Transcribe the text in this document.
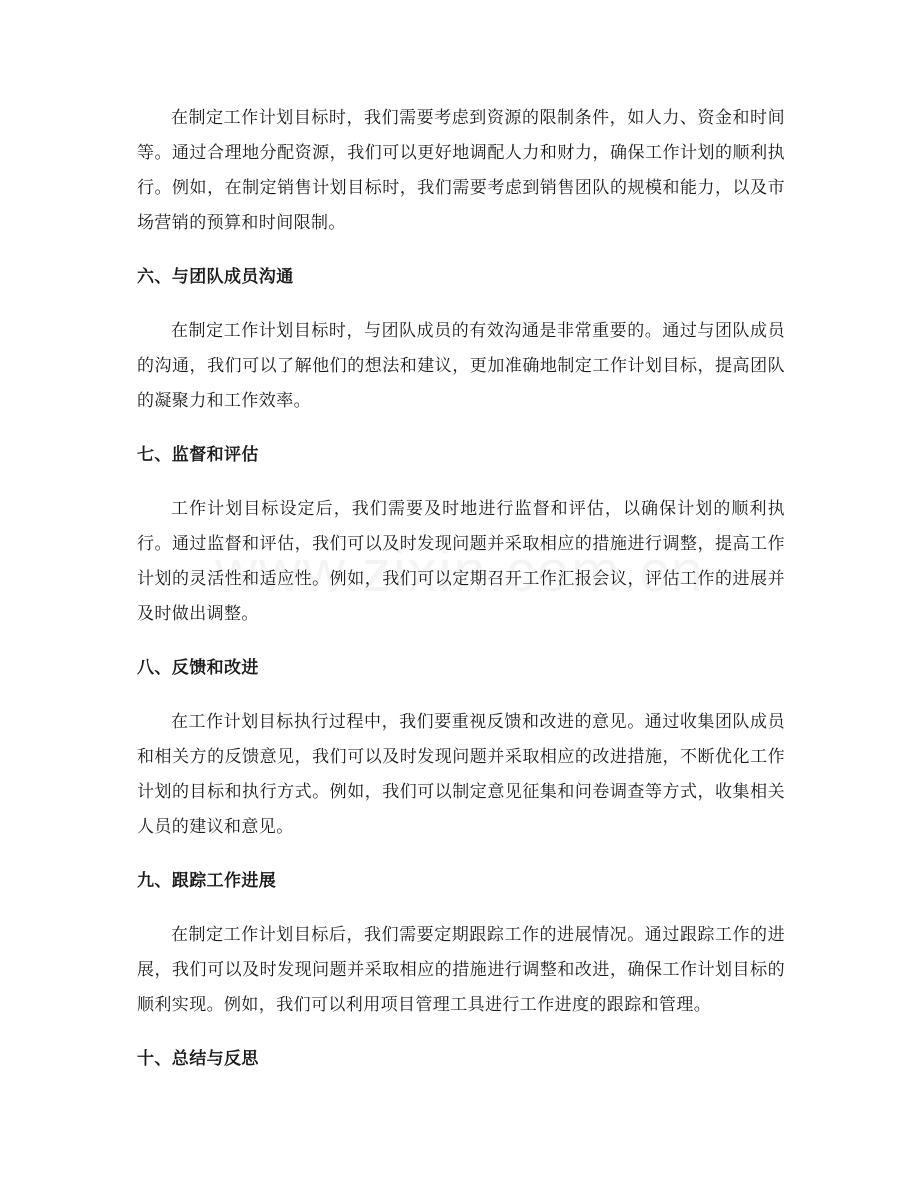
在制定工作计划目标时，我们需要考虑到资源的限制条件，如人力、资金和时间等。通过合理地分配资源，我们可以更好地调配人力和财力，确保工作计划的顺利执行。例如，在制定销售计划目标时，我们需要考虑到销售团队的规模和能力，以及市场营销的预算和时间限制。

六、与团队成员沟通

在制定工作计划目标时，与团队成员的有效沟通是非常重要的。通过与团队成员的沟通，我们可以了解他们的想法和建议，更加准确地制定工作计划目标，提高团队的凝聚力和工作效率。

七、监督和评估

工作计划目标设定后，我们需要及时地进行监督和评估，以确保计划的顺利执行。通过监督和评估，我们可以及时发现问题并采取相应的措施进行调整，提高工作计划的灵活性和适应性。例如，我们可以定期召开工作汇报会议，评估工作的进展并及时做出调整。

八、反馈和改进

在工作计划目标执行过程中，我们要重视反馈和改进的意见。通过收集团队成员和相关方的反馈意见，我们可以及时发现问题并采取相应的改进措施，不断优化工作计划的目标和执行方式。例如，我们可以制定意见征集和问卷调查等方式，收集相关人员的建议和意见。

九、跟踪工作进展

在制定工作计划目标后，我们需要定期跟踪工作的进展情况。通过跟踪工作的进展，我们可以及时发现问题并采取相应的措施进行调整和改进，确保工作计划目标的顺利实现。例如，我们可以利用项目管理工具进行工作进度的跟踪和管理。

十、总结与反思
